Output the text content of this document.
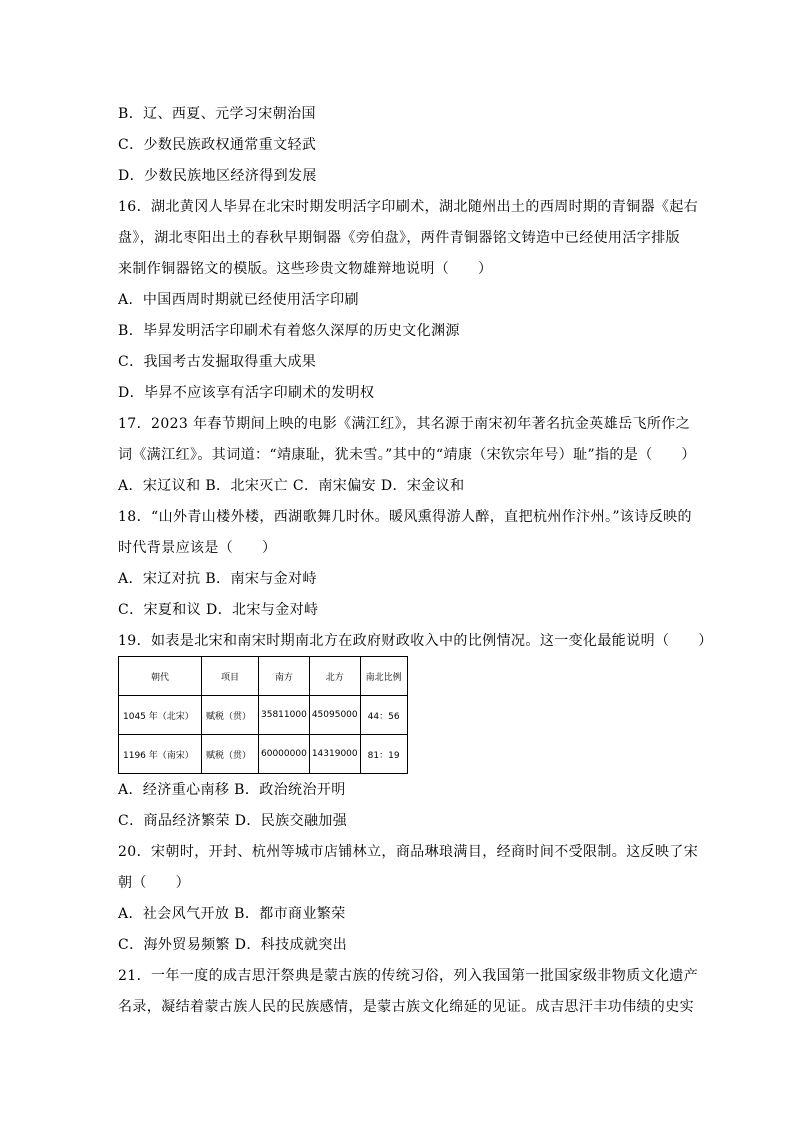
B．辽、西夏、元学习宋朝治国
C．少数民族政权通常重文轻武
D．少数民族地区经济得到发展
16．湖北黄冈人毕昇在北宋时期发明活字印刷术，湖北随州出土的西周时期的青铜器《起右
盘》，湖北枣阳出土的春秋早期铜器《旁伯盘》，两件青铜器铭文铸造中已经使用活字排版
来制作铜器铭文的模版。这些珍贵文物雄辩地说明（　　）
A．中国西周时期就已经使用活字印刷
B．毕昇发明活字印刷术有着悠久深厚的历史文化渊源
C．我国考古发掘取得重大成果
D．毕昇不应该享有活字印刷术的发明权
17．2023 年春节期间上映的电影《满江红》，其名源于南宋初年著名抗金英雄岳飞所作之
词《满江红》。其词道：“靖康耻，犹未雪。”其中的“靖康（宋钦宗年号）耻”指的是（　　）
A．宋辽议和 B．北宋灭亡 C．南宋偏安 D．宋金议和
18．“山外青山楼外楼，西湖歌舞几时休。暖风熏得游人醉，直把杭州作汴州。”该诗反映的
时代背景应该是（　　）
A．宋辽对抗 B．南宋与金对峙
C．宋夏和议 D．北宋与金对峙
19．如表是北宋和南宋时期南北方在政府财政收入中的比例情况。这一变化最能说明（　　）
朝代	项目	南方	北方	南北比例
1045 年（北宋）	赋税（贯）	35811000	45095000	44：56
1196 年（南宋）	赋税（贯）	60000000	14319000	81：19
A．经济重心南移 B．政治统治开明
C．商品经济繁荣 D．民族交融加强
20．宋朝时，开封、杭州等城市店铺林立，商品琳琅满目，经商时间不受限制。这反映了宋
朝（　　）
A．社会风气开放 B．都市商业繁荣
C．海外贸易频繁 D．科技成就突出
21．一年一度的成吉思汗祭典是蒙古族的传统习俗，列入我国第一批国家级非物质文化遗产
名录，凝结着蒙古族人民的民族感情，是蒙古族文化绵延的见证。成吉思汗丰功伟绩的史实
